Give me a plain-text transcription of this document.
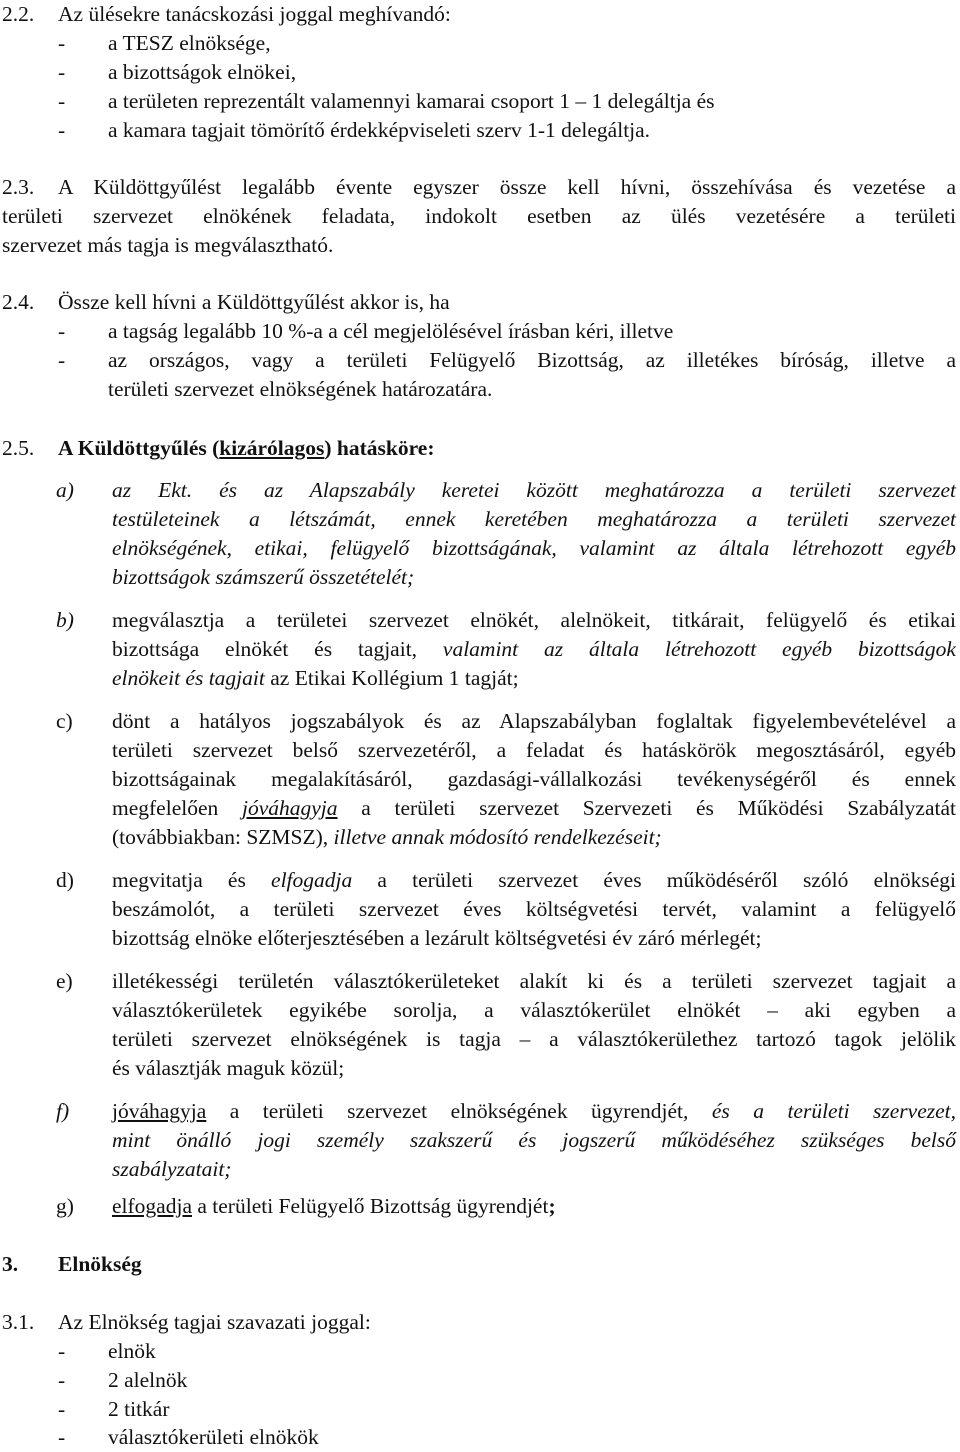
2.2. Az ülésekre tanácskozási joggal meghívandó:
- a TESZ elnöksége,
- a bizottságok elnökei,
- a területen reprezentált valamennyi kamarai csoport 1 – 1 delegáltja és
- a kamara tagjait tömörítő érdekképviseleti szerv 1-1 delegáltja.
2.3. A Küldöttgyűlést legalább évente egyszer össze kell hívni, összehívása és vezetése a
területi szervezet elnökének feladata, indokolt esetben az ülés vezetésére a területi
szervezet más tagja is megválasztható.
2.4. Össze kell hívni a Küldöttgyűlést akkor is, ha
- a tagság legalább 10 %-a a cél megjelölésével írásban kéri, illetve
- az országos, vagy a területi Felügyelő Bizottság, az illetékes bíróság, illetve a
területi szervezet elnökségének határozatára.
2.5. A Küldöttgyűlés (kizárólagos) hatásköre:
a) az Ekt. és az Alapszabály keretei között meghatározza a területi szervezet
testületeinek a létszámát, ennek keretében meghatározza a területi szervezet
elnökségének, etikai, felügyelő bizottságának, valamint az általa létrehozott egyéb
bizottságok számszerű összetételét;
b) megválasztja a területei szervezet elnökét, alelnökeit, titkárait, felügyelő és etikai
bizottsága elnökét és tagjait, valamint az általa létrehozott egyéb bizottságok
elnökeit és tagjait az Etikai Kollégium 1 tagját;
c) dönt a hatályos jogszabályok és az Alapszabályban foglaltak figyelembevételével a
területi szervezet belső szervezetéről, a feladat és hatáskörök megosztásáról, egyéb
bizottságainak megalakításáról, gazdasági-vállalkozási tevékenységéről és ennek
megfelelően jóváhagyja a területi szervezet Szervezeti és Működési Szabályzatát
(továbbiakban: SZMSZ), illetve annak módosító rendelkezéseit;
d) megvitatja és elfogadja a területi szervezet éves működéséről szóló elnökségi
beszámolót, a területi szervezet éves költségvetési tervét, valamint a felügyelő
bizottság elnöke előterjesztésében a lezárult költségvetési év záró mérlegét;
e) illetékességi területén választókerületeket alakít ki és a területi szervezet tagjait a
választókerületek egyikébe sorolja, a választókerület elnökét – aki egyben a
területi szervezet elnökségének is tagja – a választókerülethez tartozó tagok jelölik
és választják maguk közül;
f) jóváhagyja a területi szervezet elnökségének ügyrendjét, és a területi szervezet,
mint önálló jogi személy szakszerű és jogszerű működéséhez szükséges belső
szabályzatait;
g) elfogadja a területi Felügyelő Bizottság ügyrendjét;
3. Elnökség
3.1. Az Elnökség tagjai szavazati joggal:
- elnök
- 2 alelnök
- 2 titkár
- választókerületi elnökök
